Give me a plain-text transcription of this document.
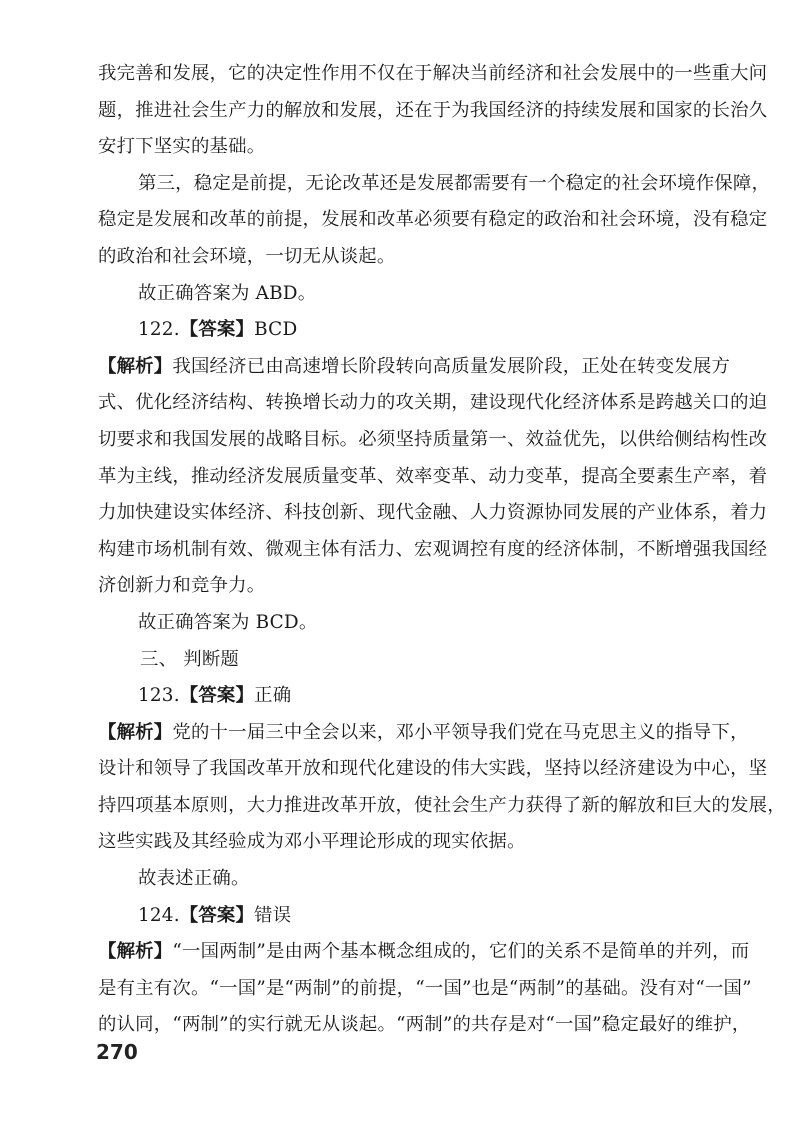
我完善和发展，它的决定性作用不仅在于解决当前经济和社会发展中的一些重大问
题，推进社会生产力的解放和发展，还在于为我国经济的持续发展和国家的长治久
安打下坚实的基础。
第三，稳定是前提，无论改革还是发展都需要有一个稳定的社会环境作保障，
稳定是发展和改革的前提，发展和改革必须要有稳定的政治和社会环境，没有稳定
的政治和社会环境，一切无从谈起。
故正确答案为 ABD。
122.【答案】BCD
【解析】我国经济已由高速增长阶段转向高质量发展阶段，正处在转变发展方
式、优化经济结构、转换增长动力的攻关期，建设现代化经济体系是跨越关口的迫
切要求和我国发展的战略目标。必须坚持质量第一、效益优先，以供给侧结构性改
革为主线，推动经济发展质量变革、效率变革、动力变革，提高全要素生产率，着
力加快建设实体经济、科技创新、现代金融、人力资源协同发展的产业体系，着力
构建市场机制有效、微观主体有活力、宏观调控有度的经济体制，不断增强我国经
济创新力和竞争力。
故正确答案为 BCD。
三、 判断题
123.【答案】正确
【解析】党的十一届三中全会以来，邓小平领导我们党在马克思主义的指导下，
设计和领导了我国改革开放和现代化建设的伟大实践，坚持以经济建设为中心，坚
持四项基本原则，大力推进改革开放，使社会生产力获得了新的解放和巨大的发展，
这些实践及其经验成为邓小平理论形成的现实依据。
故表述正确。
124.【答案】错误
【解析】“一国两制”是由两个基本概念组成的，它们的关系不是简单的并列，而
是有主有次。“一国”是“两制”的前提，“一国”也是“两制”的基础。没有对“一国”
的认同，“两制”的实行就无从谈起。“两制”的共存是对“一国”稳定最好的维护，
270
